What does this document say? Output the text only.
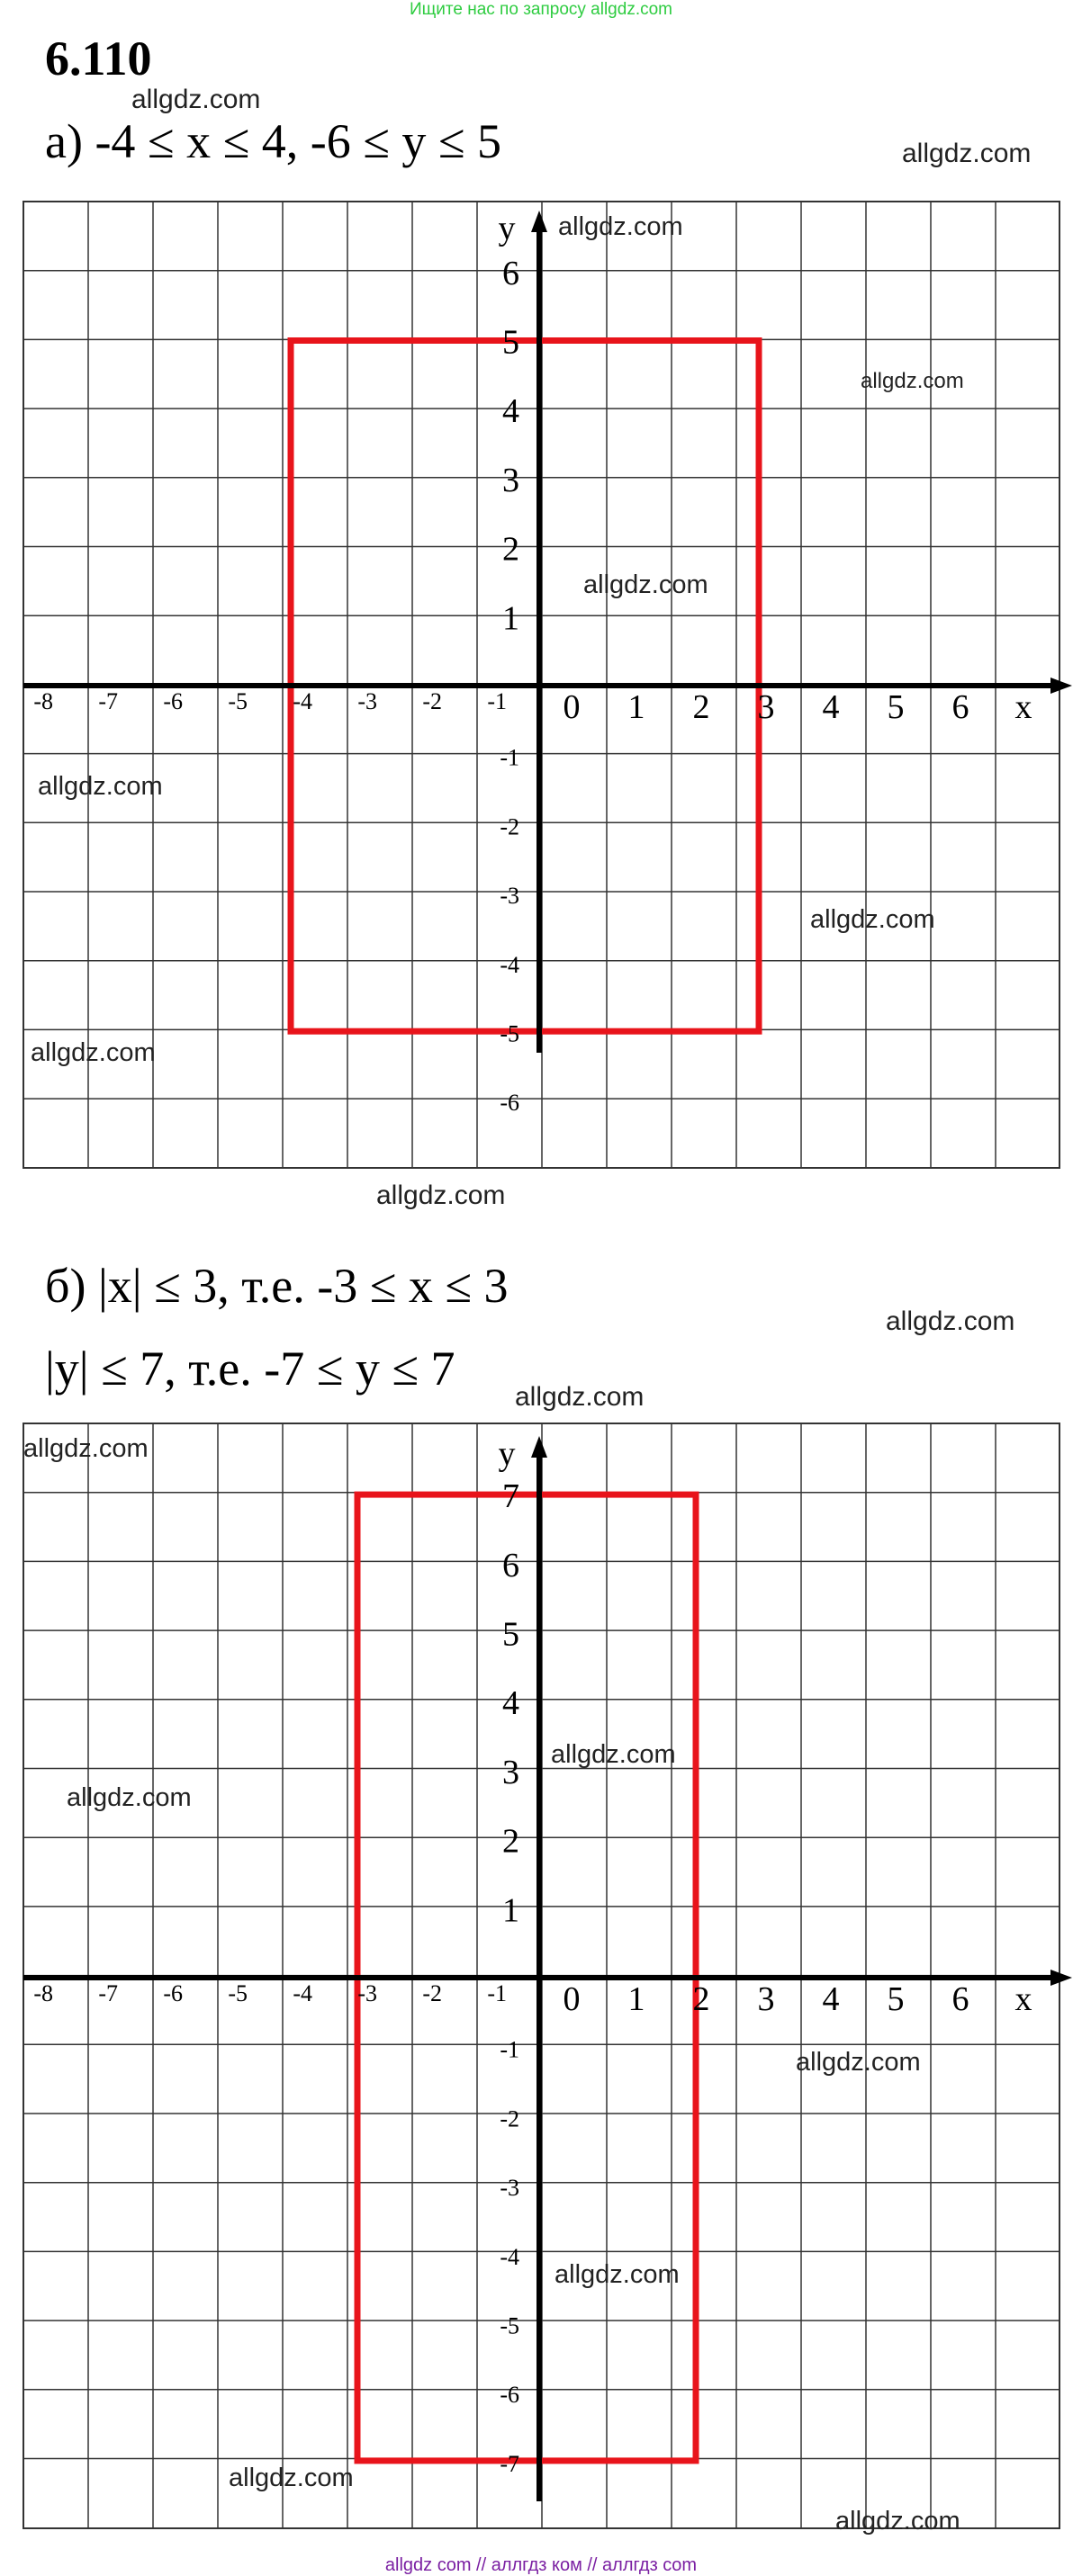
Ищите нас по запросу allgdz.com
6.110
а) -4 ≤ x ≤ 4, -6 ≤ y ≤ 5
-8 -7 -6 -5 -4 -3 -2 -1 0 1 2 3 4 5 6
1
2
3
4
5
6
-1
-2
-3
-4
-5
-6
x
y
б) |x| ≤ 3, т.е. -3 ≤ x ≤ 3
|y| ≤ 7, т.е. -7 ≤ y ≤ 7
-8 -7 -6 -5 -4 -3 -2 -1 0 1 2 3 4 5 6
1
2
3
4
5
6
7
-1
-2
-3
-4
-5
-6
-7
x
y
allgdz.com
allgdz.com
allgdz.com
allgdz.com
allgdz.com
allgdz.com
allgdz.com
allgdz.com
allgdz.com
allgdz.com
allgdz.com
allgdz.com
allgdz.com
allgdz.com
allgdz.com
allgdz.com
allgdz.com
allgdz.com
allgdz com // аллгдз ком // аллгдз com
